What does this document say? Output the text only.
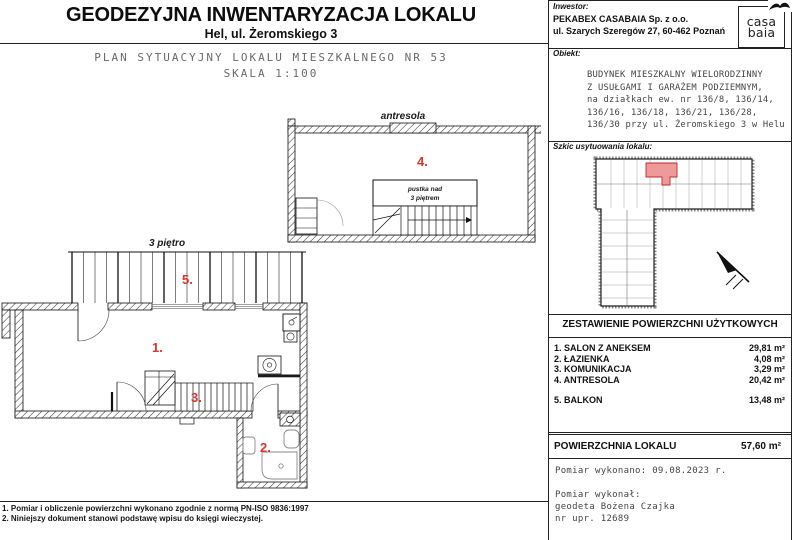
GEODEZYJNA INWENTARYZACJA LOKALU
Hel, ul. Żeromskiego 3
PLAN SYTUACYJNY LOKALU MIESZKALNEGO NR 53
SKALA 1:100
antresola
pustka nad
3 piętrem
4.
3 piętro
5.
1.
3.
2.
1. Pomiar i obliczenie powierzchni wykonano zgodnie z normą PN-ISO 9836:1997
2. Niniejszy dokument stanowi podstawę wpisu do księgi wieczystej.
Inwestor:
PEKABEX CASABAIA Sp. z o.o.
ul. Szarych Szeregów 27, 60-462 Poznań
casa
baia
Obiekt:
BUDYNEK MIESZKALNY WIELORODZINNY
Z USUŁGAMI I GARAŻEM PODZIEMNYM,
na działkach ew. nr 136/8, 136/14,
136/16, 136/18, 136/21, 136/28,
136/30 przy ul. Żeromskiego 3 w Helu
Szkic usytuowania lokalu:
ZESTAWIENIE POWIERZCHNI UŻYTKOWYCH
1. SALON Z ANEKSEM	29,81 m²
2. ŁAZIENKA	4,08 m²
3. KOMUNIKACJA	3,29 m²
4. ANTRESOLA	20,42 m²
5. BALKON	13,48 m²
POWIERZCHNIA LOKALU	57,60 m²
Pomiar wykonano: 09.08.2023 r.
Pomiar wykonał:
geodeta Bożena Czajka
nr upr. 12689
